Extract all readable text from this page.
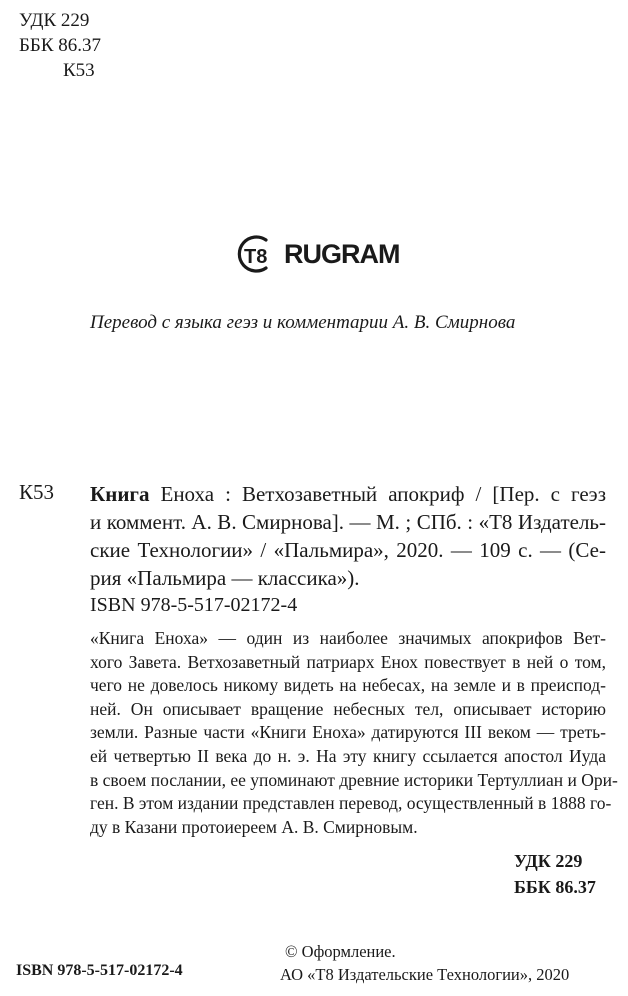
УДК 229
ББК 86.37
К53
T8 RUGRAM
Перевод с языка геэз и комментарии А. В. Смирнова
К53 Книга Еноха : Ветхозаветный апокриф / [Пер. с геэз
и коммент. А. В. Смирнова]. — М. ; СПб. : «Т8 Издатель-
ские Технологии» / «Пальмира», 2020. — 109 с. — (Се-
рия «Пальмира — классика»).
ISBN 978-5-517-02172-4
«Книга Еноха» — один из наиболее значимых апокрифов Вет-
хого Завета. Ветхозаветный патриарх Енох повествует в ней о том,
чего не довелось никому видеть на небесах, на земле и в преиспод-
ней. Он описывает вращение небесных тел, описывает историю
земли. Разные части «Книги Еноха» датируются III веком — треть-
ей четвертью II века до н. э. На эту книгу ссылается апостол Иуда
в своем послании, ее упоминают древние историки Тертуллиан и Ори-
ген. В этом издании представлен перевод, осуществленный в 1888 го-
ду в Казани протоиереем А. В. Смирновым.
УДК 229
ББК 86.37
ISBN 978-5-517-02172-4
© Оформление.
АО «Т8 Издательские Технологии», 2020
